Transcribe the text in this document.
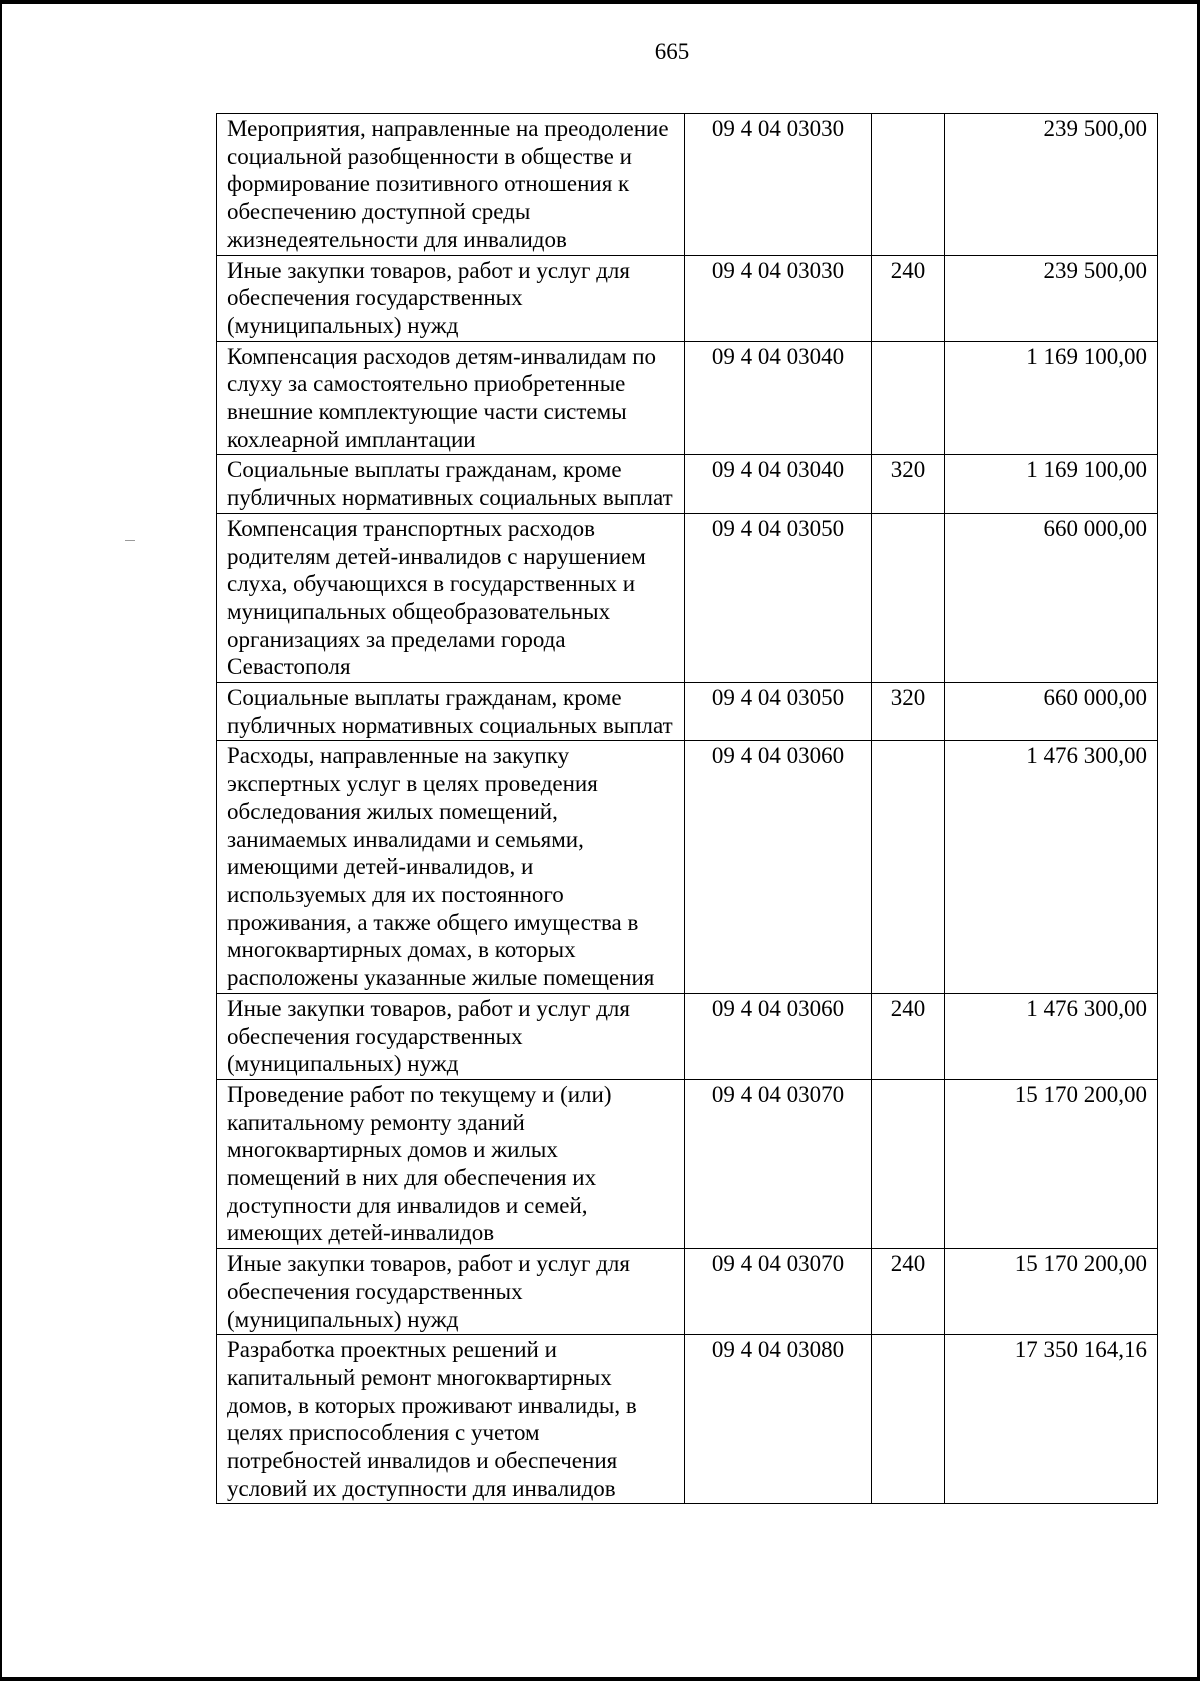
665
Мероприятия, направленные на преодоление социальной разобщенности в обществе и формирование позитивного отношения к обеспечению доступной среды жизнедеятельности для инвалидов	09 4 04 03030		239 500,00
Иные закупки товаров, работ и услуг для обеспечения государственных (муниципальных) нужд	09 4 04 03030	240	239 500,00
Компенсация расходов детям-инвалидам по слуху за самостоятельно приобретенные внешние комплектующие части системы кохлеарной имплантации	09 4 04 03040		1 169 100,00
Социальные выплаты гражданам, кроме публичных нормативных социальных выплат	09 4 04 03040	320	1 169 100,00
Компенсация транспортных расходов родителям детей-инвалидов с нарушением слуха, обучающихся в государственных и муниципальных общеобразовательных организациях за пределами города Севастополя	09 4 04 03050		660 000,00
Социальные выплаты гражданам, кроме публичных нормативных социальных выплат	09 4 04 03050	320	660 000,00
Расходы, направленные на закупку экспертных услуг в целях проведения обследования жилых помещений, занимаемых инвалидами и семьями, имеющими детей-инвалидов, и используемых для их постоянного проживания, а также общего имущества в многоквартирных домах, в которых расположены указанные жилые помещения	09 4 04 03060		1 476 300,00
Иные закупки товаров, работ и услуг для обеспечения государственных (муниципальных) нужд	09 4 04 03060	240	1 476 300,00
Проведение работ по текущему и (или) капитальному ремонту зданий многоквартирных домов и жилых помещений в них для обеспечения их доступности для инвалидов и семей, имеющих детей-инвалидов	09 4 04 03070		15 170 200,00
Иные закупки товаров, работ и услуг для обеспечения государственных (муниципальных) нужд	09 4 04 03070	240	15 170 200,00
Разработка проектных решений и капитальный ремонт многоквартирных домов, в которых проживают инвалиды, в целях приспособления с учетом потребностей инвалидов и обеспечения условий их доступности для инвалидов	09 4 04 03080		17 350 164,16
